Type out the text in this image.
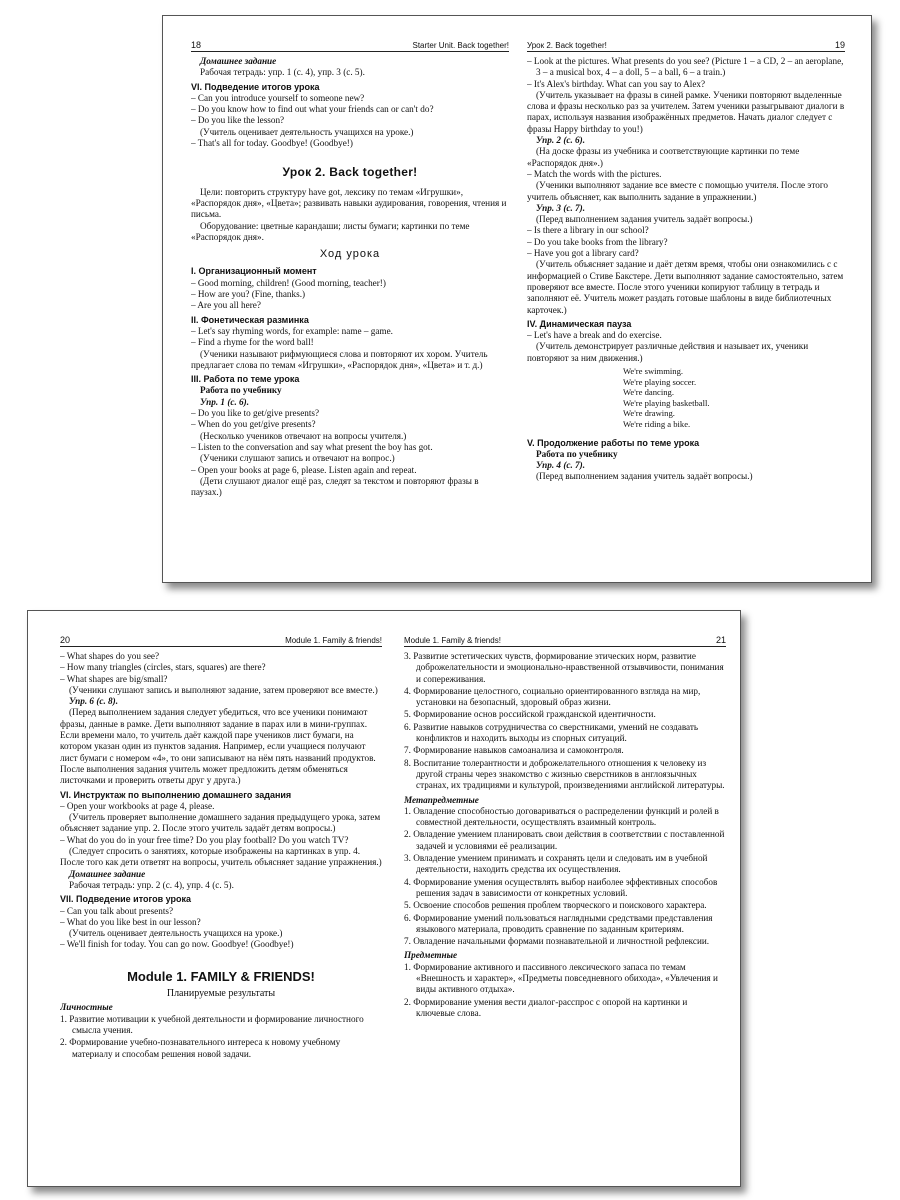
18	Starter Unit. Back together!

Домашнее задание

Рабочая тетрадь: упр. 1 (с. 4), упр. 3 (с. 5).

VI. Подведение итогов урока

– Can you introduce yourself to someone new?

– Do you know how to find out what your friends can or can't do?

– Do you like the lesson?

(Учитель оценивает деятельность учащихся на уроке.)

– That's all for today. Goodbye! (Goodbye!)

Урок 2. Back together!

Цели: повторить структуру have got, лексику по темам «Игрушки», «Распорядок дня», «Цвета»; развивать навыки аудирования, говорения, чтения и письма.

Оборудование: цветные карандаши; листы бумаги; картинки по теме «Распорядок дня».

Ход урока

I. Организационный момент

– Good morning, children! (Good morning, teacher!)

– How are you? (Fine, thanks.)

– Are you all here?

II. Фонетическая разминка

– Let's say rhyming words, for example: name – game.

– Find a rhyme for the word ball!

(Ученики называют рифмующиеся слова и повторяют их хором. Учитель предлагает слова по темам «Игрушки», «Распорядок дня», «Цвета» и т. д.)

III. Работа по теме урока

Работа по учебнику

Упр. 1 (с. 6).

– Do you like to get/give presents?

– When do you get/give presents?

(Несколько учеников отвечают на вопросы учителя.)

– Listen to the conversation and say what present the boy has got.

(Ученики слушают запись и отвечают на вопрос.)

– Open your books at page 6, please. Listen again and repeat.

(Дети слушают диалог ещё раз, следят за текстом и повторяют фразы в паузах.)

Урок 2. Back together!	19

– Look at the pictures. What presents do you see? (Picture 1 – a CD, 2 – an aeroplane, 3 – a musical box, 4 – a doll, 5 – a ball, 6 – a train.)

– It's Alex's birthday. What can you say to Alex?

(Учитель указывает на фразы в синей рамке. Ученики повторяют выделенные слова и фразы несколько раз за учителем. Затем ученики разыгрывают диалоги в парах, используя названия изображённых предметов. Начать диалог следует с фразы Happy birthday to you!)

Упр. 2 (с. 6).

(На доске фразы из учебника и соответствующие картинки по теме «Распорядок дня».)

– Match the words with the pictures.

(Ученики выполняют задание все вместе с помощью учителя. После этого учитель объясняет, как выполнить задание в упражнении.)

Упр. 3 (с. 7).

(Перед выполнением задания учитель задаёт вопросы.)

– Is there a library in our school?

– Do you take books from the library?

– Have you got a library card?

(Учитель объясняет задание и даёт детям время, чтобы они ознакомились с с информацией о Стиве Бакстере. Дети выполняют задание самостоятельно, затем проверяют все вместе. После этого ученики копируют таблицу в тетрадь и заполняют её. Учитель может раздать готовые шаблоны в виде библиотечных карточек.)

IV. Динамическая пауза

– Let's have a break and do exercise.

(Учитель демонстрирует различные действия и называет их, ученики повторяют за ним движения.)

We're swimming.
We're playing soccer.
We're dancing.
We're playing basketball.
We're drawing.
We're riding a bike.

V. Продолжение работы по теме урока

Работа по учебнику

Упр. 4 (с. 7).

(Перед выполнением задания учитель задаёт вопросы.)

20	Module 1. Family & friends!

– What shapes do you see?

– How many triangles (circles, stars, squares) are there?

– What shapes are big/small?

(Ученики слушают запись и выполняют задание, затем проверяют все вместе.)

Упр. 6 (с. 8).

(Перед выполнением задания следует убедиться, что все ученики понимают фразы, данные в рамке. Дети выполняют задание в парах или в мини-группах. Если времени мало, то учитель даёт каждой паре учеников лист бумаги, на котором указан один из пунктов задания. Например, если учащиеся получают лист бумаги с номером «4», то они записывают на нём пять названий продуктов. После выполнения задания учитель может предложить детям обменяться листочками и проверить ответы друг у друга.)

VI. Инструктаж по выполнению домашнего задания

– Open your workbooks at page 4, please.

(Учитель проверяет выполнение домашнего задания предыдущего урока, затем объясняет задание упр. 2. После этого учитель задаёт детям вопросы.)

– What do you do in your free time? Do you play football? Do you watch TV?

(Следует спросить о занятиях, которые изображены на картинках в упр. 4. После того как дети ответят на вопросы, учитель объясняет задание упражнения.)

Домашнее задание

Рабочая тетрадь: упр. 2 (с. 4), упр. 4 (с. 5).

VII. Подведение итогов урока

– Can you talk about presents?

– What do you like best in our lesson?

(Учитель оценивает деятельность учащихся на уроке.)

– We'll finish for today. You can go now. Goodbye! (Goodbye!)

Module 1. FAMILY & FRIENDS!

Планируемые результаты

Личностные

1. Развитие мотивации к учебной деятельности и формирование личностного смысла учения.

2. Формирование учебно-познавательного интереса к новому учебному материалу и способам решения новой задачи.

Module 1. Family & friends!	21

3. Развитие эстетических чувств, формирование этических норм, развитие доброжелательности и эмоционально-нравственной отзывчивости, понимания и сопереживания.

4. Формирование целостного, социально ориентированного взгляда на мир, установки на безопасный, здоровый образ жизни.

5. Формирование основ российской гражданской идентичности.

6. Развитие навыков сотрудничества со сверстниками, умений не создавать конфликтов и находить выходы из спорных ситуаций.

7. Формирование навыков самоанализа и самоконтроля.

8. Воспитание толерантности и доброжелательного отношения к человеку из другой страны через знакомство с жизнью сверстников в англоязычных странах, их традициями и культурой, произведениями английской литературы.

Метапредметные

1. Овладение способностью договариваться о распределении функций и ролей в совместной деятельности, осуществлять взаимный контроль.

2. Овладение умением планировать свои действия в соответствии с поставленной задачей и условиями её реализации.

3. Овладение умением принимать и сохранять цели и следовать им в учебной деятельности, находить средства их осуществления.

4. Формирование умения осуществлять выбор наиболее эффективных способов решения задач в зависимости от конкретных условий.

5. Освоение способов решения проблем творческого и поискового характера.

6. Формирование умений пользоваться наглядными средствами представления языкового материала, проводить сравнение по заданным критериям.

7. Овладение начальными формами познавательной и личностной рефлексии.

Предметные

1. Формирование активного и пассивного лексического запаса по темам «Внешность и характер», «Предметы повседневного обихода», «Увлечения и виды активного отдыха».

2. Формирование умения вести диалог-расспрос с опорой на картинки и ключевые слова.
